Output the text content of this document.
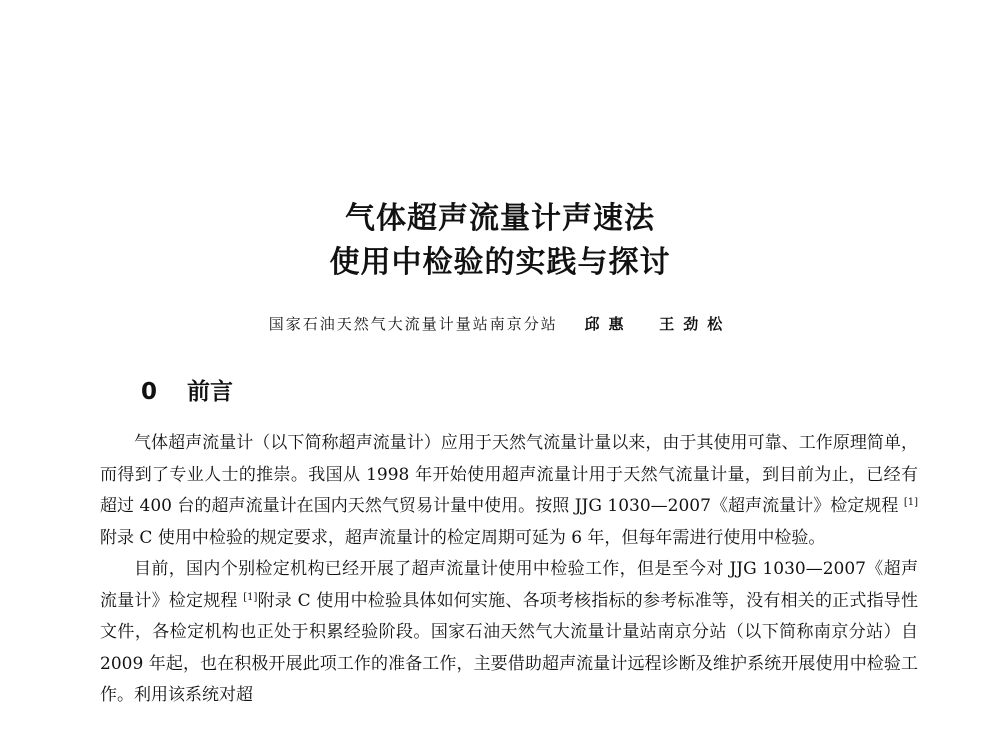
气体超声流量计声速法
使用中检验的实践与探讨
国家石油天然气大流量计量站南京分站 邱惠 王劲松
0 前言

气体超声流量计（以下简称超声流量计）应用于天然气流量计量以来，由于其使用可靠、工作原理简单，而得到了专业人士的推崇。我国从 1998 年开始使用超声流量计用于天然气流量计量，到目前为止，已经有超过 400 台的超声流量计在国内天然气贸易计量中使用。按照 JJG 1030—2007《超声流量计》检定规程 [1]附录 C 使用中检验的规定要求，超声流量计的检定周期可延为 6 年，但每年需进行使用中检验。

目前，国内个别检定机构已经开展了超声流量计使用中检验工作，但是至今对 JJG 1030—2007《超声流量计》检定规程 [1]附录 C 使用中检验具体如何实施、各项考核指标的参考标准等，没有相关的正式指导性文件，各检定机构也正处于积累经验阶段。国家石油天然气大流量计量站南京分站（以下简称南京分站）自 2009 年起，也在积极开展此项工作的准备工作，主要借助超声流量计远程诊断及维护系统开展使用中检验工作。利用该系统对超
